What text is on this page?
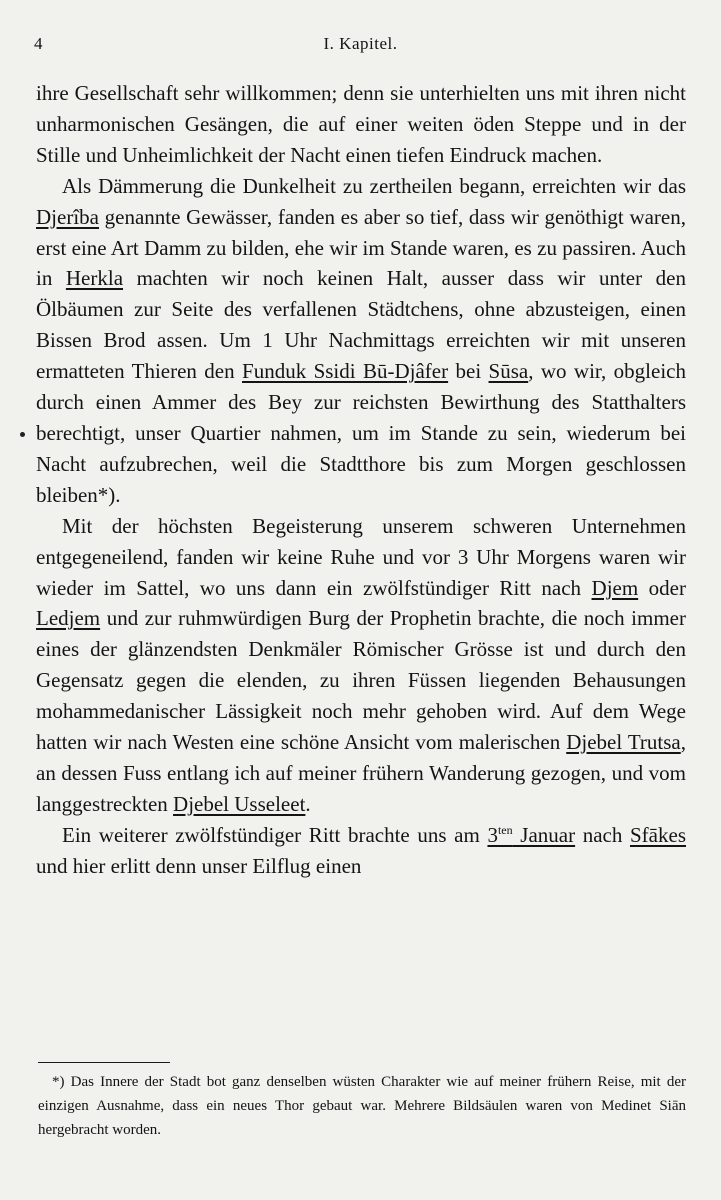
4	I. Kapitel.

ihre Gesellschaft sehr willkommen; denn sie unterhielten uns mit ihren nicht unharmonischen Gesängen, die auf einer weiten öden Steppe und in der Stille und Unheimlichkeit der Nacht einen tiefen Eindruck machen.

Als Dämmerung die Dunkelheit zu zertheilen begann, erreichten wir das Djerîba genannte Gewässer, fanden es aber so tief, dass wir genöthigt waren, erst eine Art Damm zu bilden, ehe wir im Stande waren, es zu passiren. Auch in Herkla machten wir noch keinen Halt, ausser dass wir unter den Ölbäumen zur Seite des verfallenen Städtchens, ohne abzusteigen, einen Bissen Brod assen. Um 1 Uhr Nachmittags erreichten wir mit unseren ermatteten Thieren den Funduk Ssidi Bū-Djâfer bei Sūsa, wo wir, obgleich durch einen Ammer des Bey zur reichsten Bewirthung des Statthalters berechtigt, unser Quartier nahmen, um im Stande zu sein, wiederum bei Nacht aufzubrechen, weil die Stadtthore bis zum Morgen geschlossen bleiben*).

Mit der höchsten Begeisterung unserem schweren Unternehmen entgegeneilend, fanden wir keine Ruhe und vor 3 Uhr Morgens waren wir wieder im Sattel, wo uns dann ein zwölfstündiger Ritt nach Djem oder Ledjem und zur ruhmwürdigen Burg der Prophetin brachte, die noch immer eines der glänzendsten Denkmäler Römischer Grösse ist und durch den Gegensatz gegen die elenden, zu ihren Füssen liegenden Behausungen mohammedanischer Lässigkeit noch mehr gehoben wird. Auf dem Wege hatten wir nach Westen eine schöne Ansicht vom malerischen Djebel Trutsa, an dessen Fuss entlang ich auf meiner frühern Wanderung gezogen, und vom langgestreckten Djebel Usseleet.

Ein weiterer zwölfstündiger Ritt brachte uns am $3^{ten}$ Januar nach Sfākes und hier erlitt denn unser Eilflug einen

*) Das Innere der Stadt bot ganz denselben wüsten Charakter wie auf meiner frühern Reise, mit der einzigen Ausnahme, dass ein neues Thor gebaut war. Mehrere Bildsäulen waren von Medinet Siān hergebracht worden.
